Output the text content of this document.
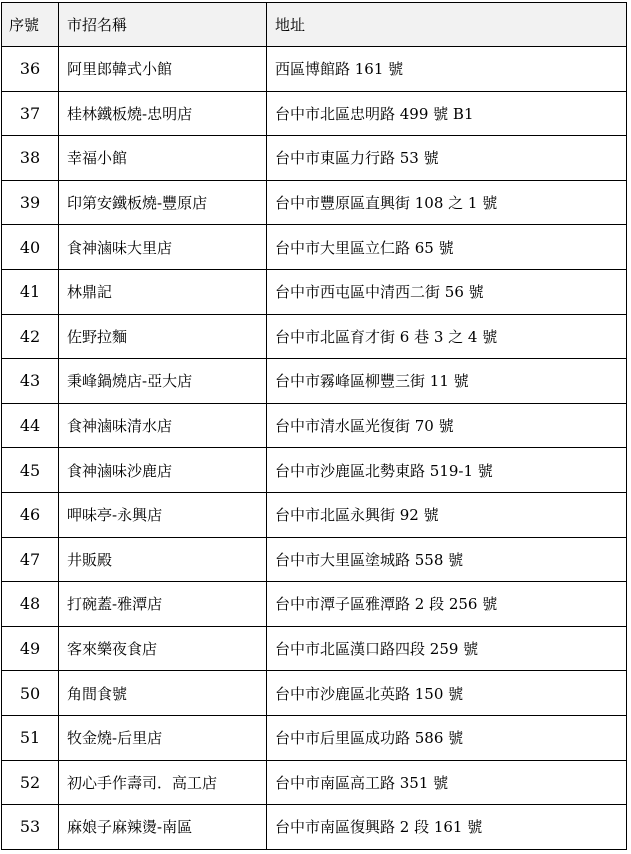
序號	市招名稱	地址
36	阿里郎韓式小館	西區博館路 161 號
37	桂林鐵板燒-忠明店	台中市北區忠明路 499 號 B1
38	幸福小館	台中市東區力行路 53 號
39	印第安鐵板燒-豐原店	台中市豐原區直興街 108 之 1 號
40	食神滷味大里店	台中市大里區立仁路 65 號
41	林鼎記	台中市西屯區中清西二街 56 號
42	佐野拉麵	台中市北區育才街 6 巷 3 之 4 號
43	秉峰鍋燒店-亞大店	台中市霧峰區柳豐三街 11 號
44	食神滷味清水店	台中市清水區光復街 70 號
45	食神滷味沙鹿店	台中市沙鹿區北勢東路 519-1 號
46	呷味亭-永興店	台中市北區永興街 92 號
47	井販殿	台中市大里區塗城路 558 號
48	打碗蓋-雅潭店	台中市潭子區雅潭路 2 段 256 號
49	客來樂夜食店	台中市北區漢口路四段 259 號
50	角間食號	台中市沙鹿區北英路 150 號
51	牧金燒-后里店	台中市后里區成功路 586 號
52	初心手作壽司．高工店	台中市南區高工路 351 號
53	麻娘子麻辣燙-南區	台中市南區復興路 2 段 161 號
